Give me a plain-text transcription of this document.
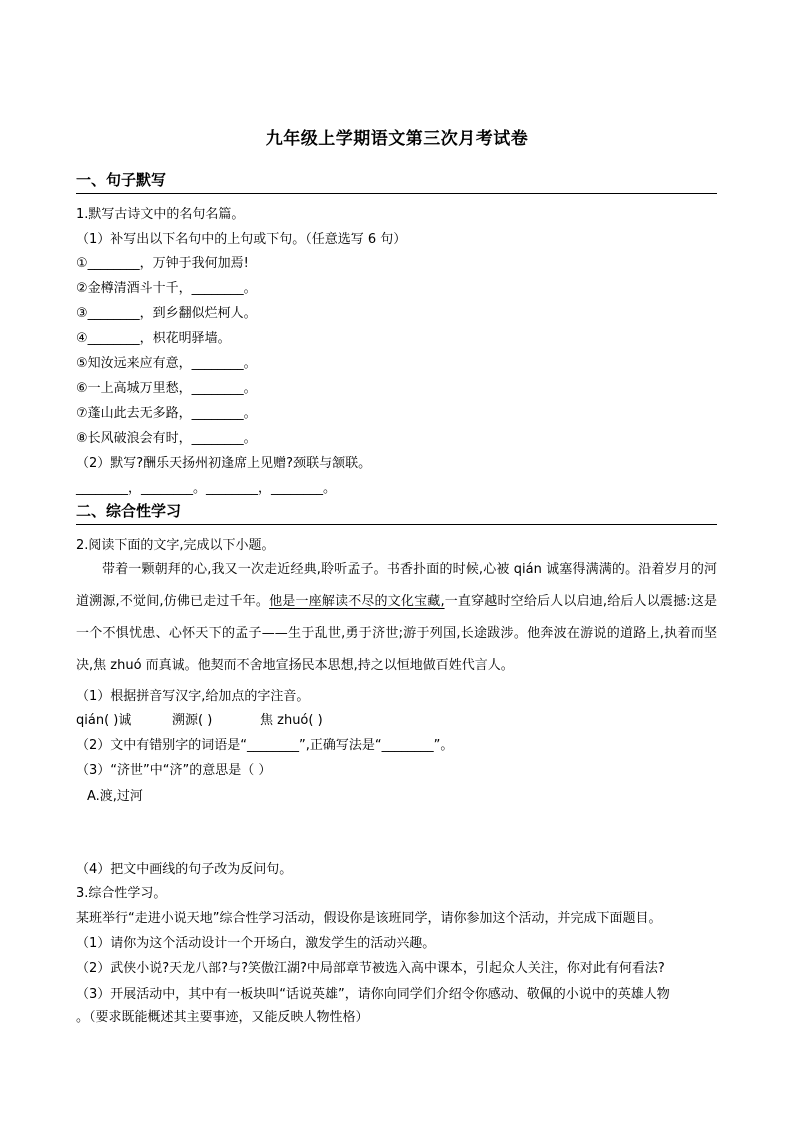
九年级上学期语文第三次月考试卷
一、句子默写
1.默写古诗文中的名句名篇。
（1）补写出以下名句中的上句或下句。（任意选写 6 句）
①________，万钟于我何加焉!
②金樽清酒斗十千，________。
③________，到乡翻似烂柯人。
④________，枳花明驿墙。
⑤知汝远来应有意，________。
⑥一上高城万里愁，________。
⑦蓬山此去无多路，________。
⑧长风破浪会有时，________。
（2）默写?酬乐天扬州初逢席上见赠?颈联与颔联。
________，________。________，________。
二、综合性学习
2.阅读下面的文字,完成以下小题。

带着一颗朝拜的心,我又一次走近经典,聆听孟子。书香扑面的时候,心被 qián 诚塞得满满的。沿着岁月的河道溯源,不觉间,仿佛已走过千年。他是一座解读不尽的文化宝藏,一直穿越时空给后人以启迪,给后人以震撼:这是一个不惧忧患、心怀天下的孟子——生于乱世,勇于济世;游于列国,长途跋涉。他奔波在游说的道路上,执着而坚决,焦 zhuó 而真诚。他契而不舍地宣扬民本思想,持之以恒地做百姓代言人。

（1）根据拼音写汉字,给加点的字注音。
qián( )诚	溯源( )	焦 zhuó( )
（2）文中有错别字的词语是“________”,正确写法是“________”。
（3）“济世”中“济”的意思是（ ）
A.渡,过河
（4）把文中画线的句子改为反问句。
3.综合性学习。
某班举行“走进小说天地”综合性学习活动，假设你是该班同学，请你参加这个活动，并完成下面题目。
（1）请你为这个活动设计一个开场白，激发学生的活动兴趣。
（2）武侠小说?天龙八部?与?笑傲江湖?中局部章节被选入高中课本，引起众人关注，你对此有何看法?
（3）开展活动中，其中有一板块叫“话说英雄”，请你向同学们介绍令你感动、敬佩的小说中的英雄人物
。（要求既能概述其主要事迹，又能反映人物性格）
